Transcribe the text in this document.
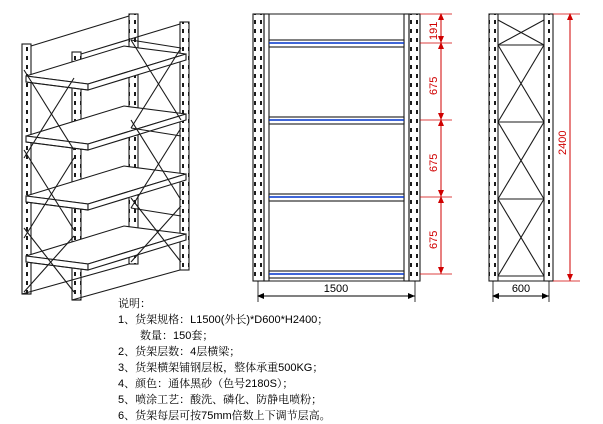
191
675
675
675
1500
2400
600
说明：
1、货架规格：L1500(外长)*D600*H2400；
数量：150套；
2、货架层数：4层横梁；
3、货架横架铺钢层板，整体承重500KG；
4、颜色：通体黑砂（色号2180S）；
5、喷涂工艺：酸洗、磷化、防静电喷粉；
6、货架每层可按75mm倍数上下调节层高。
